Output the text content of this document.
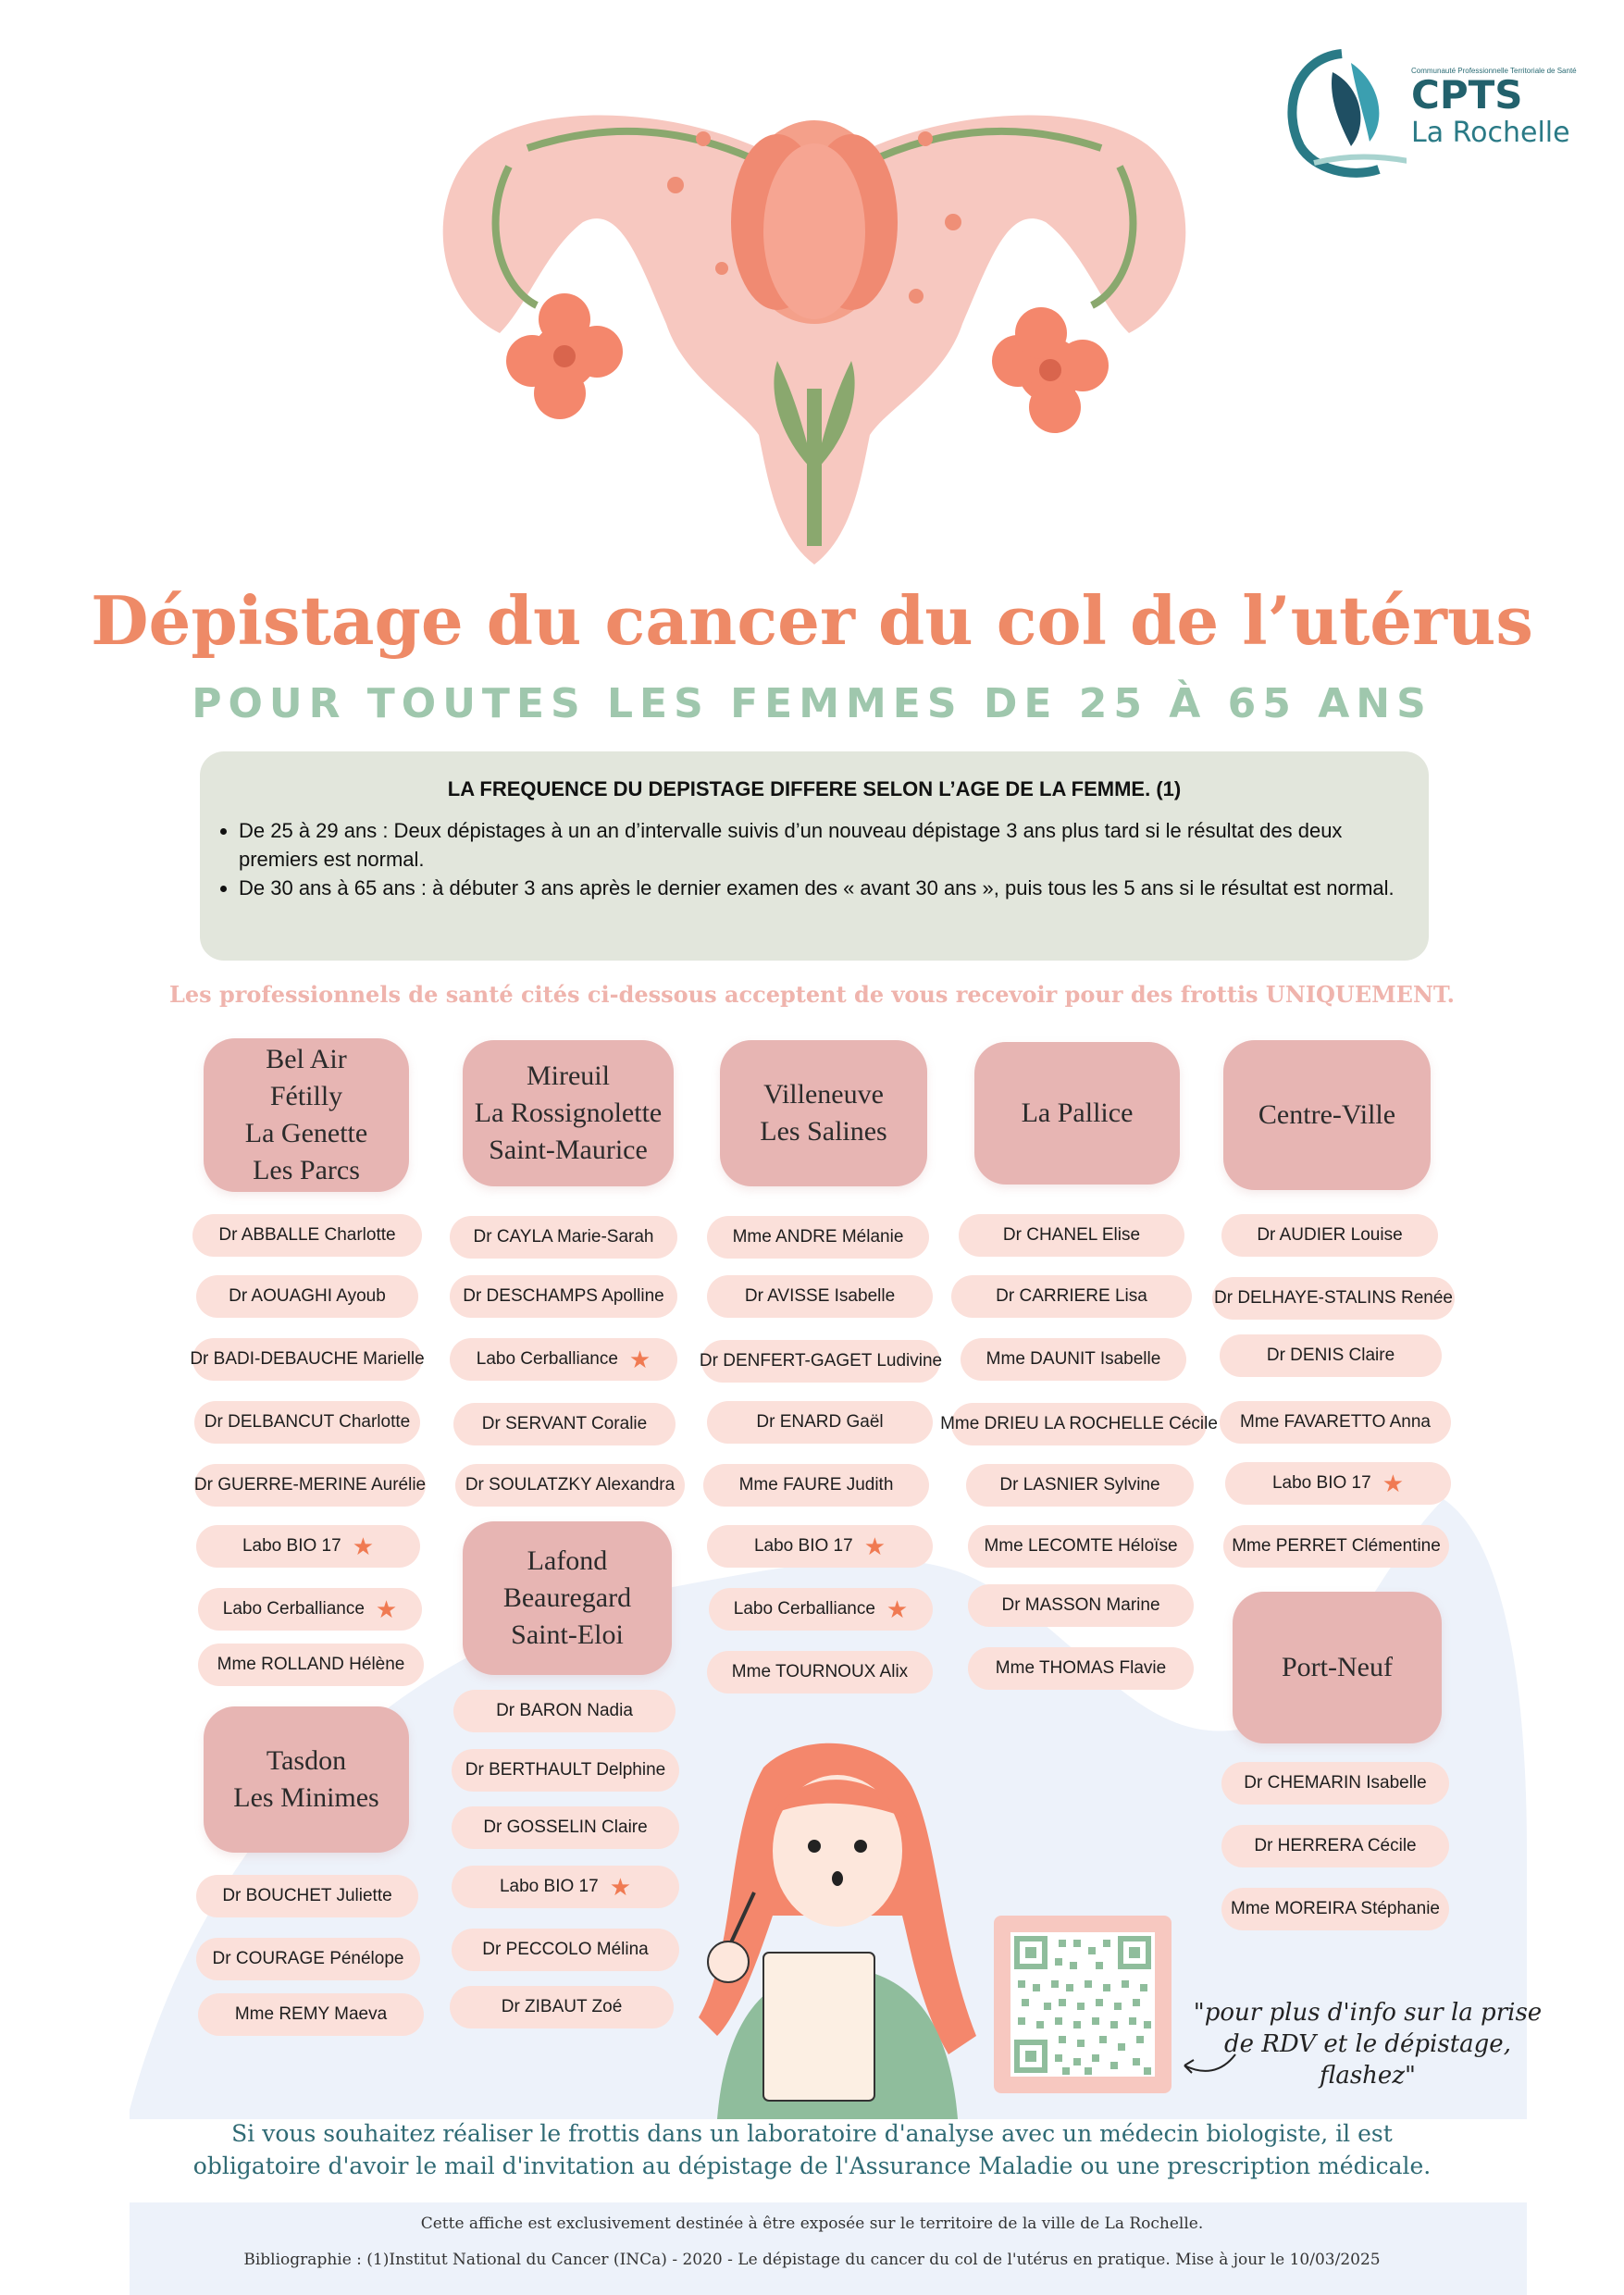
Communauté Professionnelle Territoriale de Santé
CPTS
La Rochelle
Dépistage du cancer du col de l’utérus
POUR TOUTES LES FEMMES DE 25 À 65 ANS
LA FREQUENCE DU DEPISTAGE DIFFERE SELON L’AGE DE LA FEMME. (1)
• De 25 à 29 ans : Deux dépistages à un an d’intervalle suivis d’un nouveau dépistage 3 ans plus tard si le résultat des deux premiers est normal.
• De 30 ans à 65 ans : à débuter 3 ans après le dernier examen des « avant 30 ans », puis tous les 5 ans si le résultat est normal.
Les professionnels de santé cités ci-dessous acceptent de vous recevoir pour des frottis UNIQUEMENT.
Bel Air
Fétilly
La Genette
Les Parcs
Mireuil
La Rossignolette
Saint-Maurice
Villeneuve
Les Salines
La Pallice	Centre-Ville
Lafond
Beauregard
Saint-Eloi
Tasdon
Les Minimes
Port-Neuf
Dr ABBALLE Charlotte
Dr AOUAGHI Ayoub
Dr BADI-DEBAUCHE Marielle
Dr DELBANCUT Charlotte
Dr GUERRE-MERINE Aurélie
Labo BIO 17 ★
Labo Cerballiance ★
Mme ROLLAND Hélène
Dr BOUCHET Juliette
Dr COURAGE Pénélope
Mme REMY Maeva
Dr CAYLA Marie-Sarah
Dr DESCHAMPS Apolline
Labo Cerballiance ★
Dr SERVANT Coralie
Dr SOULATZKY Alexandra
Dr BARON Nadia
Dr BERTHAULT Delphine
Dr GOSSELIN Claire
Labo BIO 17 ★
Dr PECCOLO Mélina
Dr ZIBAUT Zoé
Mme ANDRE Mélanie
Dr AVISSE Isabelle
Dr DENFERT-GAGET Ludivine
Dr ENARD Gaël
Mme FAURE Judith
Labo BIO 17 ★
Labo Cerballiance ★
Mme TOURNOUX Alix
Dr CHANEL Elise
Dr CARRIERE Lisa
Mme DAUNIT Isabelle
Mme DRIEU LA ROCHELLE Cécile
Dr LASNIER Sylvine
Mme LECOMTE Héloïse
Dr MASSON Marine
Mme THOMAS Flavie
Dr AUDIER Louise
Dr DELHAYE-STALINS Renée
Dr DENIS Claire
Mme FAVARETTO Anna
Labo BIO 17 ★
Mme PERRET Clémentine
Dr CHEMARIN Isabelle
Dr HERRERA Cécile
Mme MOREIRA Stéphanie
"pour plus d'info sur la prise de RDV et le dépistage, flashez"
Si vous souhaitez réaliser le frottis dans un laboratoire d'analyse avec un médecin biologiste, il est obligatoire d'avoir le mail d'invitation au dépistage de l'Assurance Maladie ou une prescription médicale.
Cette affiche est exclusivement destinée à être exposée sur le territoire de la ville de La Rochelle.
Bibliographie : (1)Institut National du Cancer (INCa) - 2020 - Le dépistage du cancer du col de l'utérus en pratique. Mise à jour le 10/03/2025
